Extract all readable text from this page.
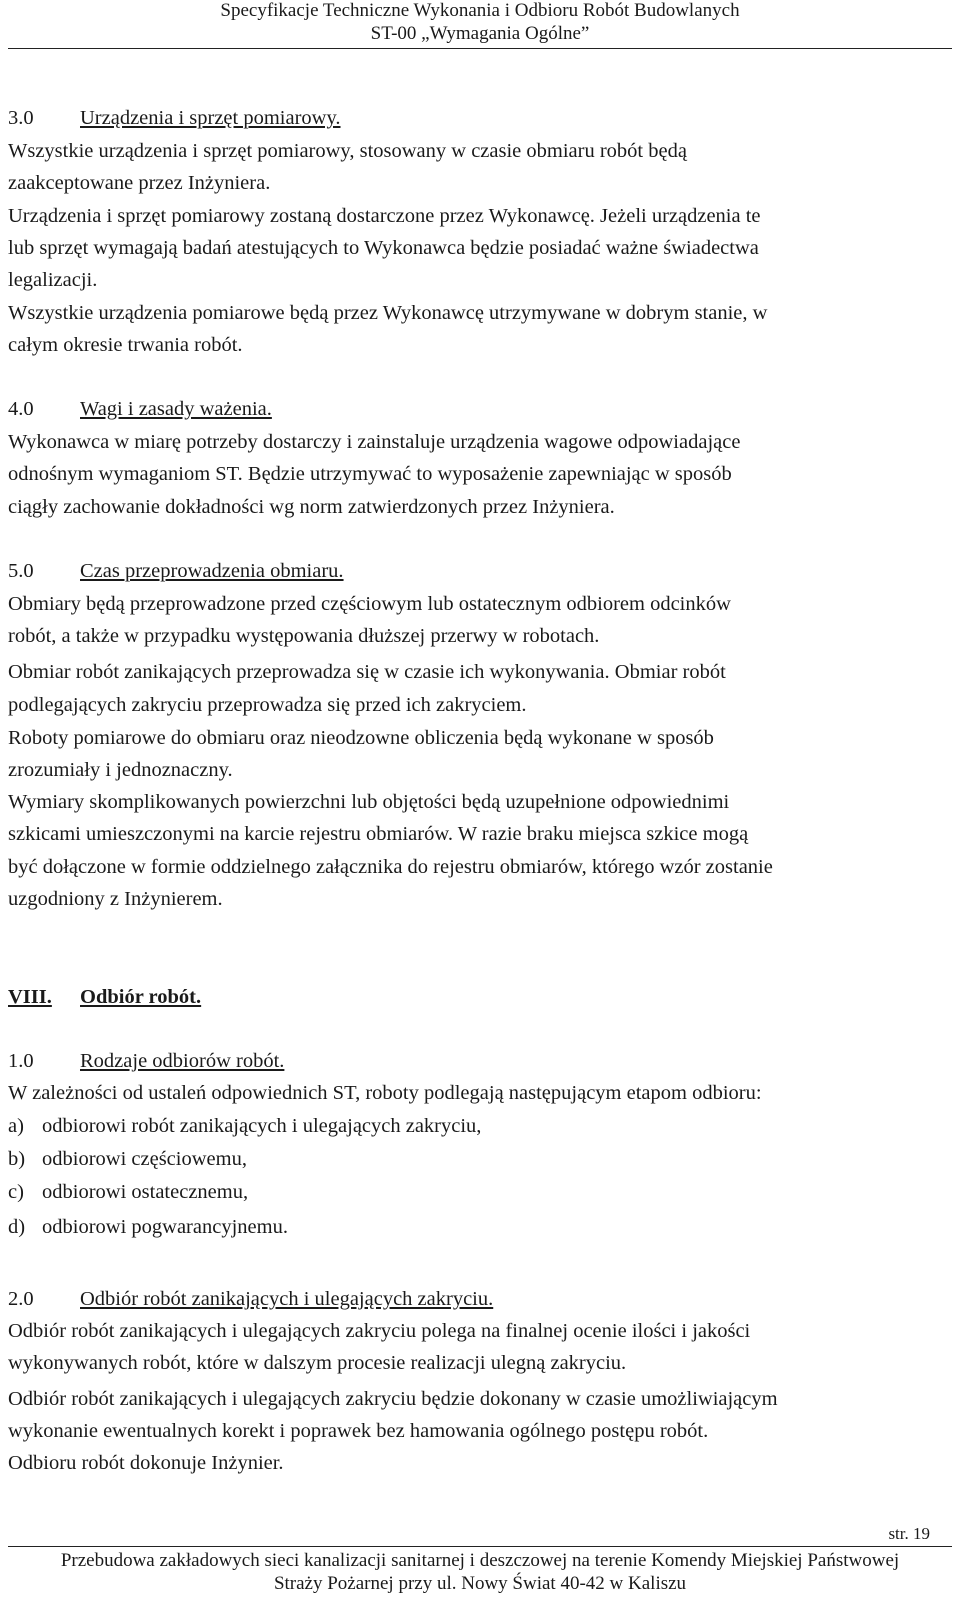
Specyfikacje Techniczne Wykonania i Odbioru Robót Budowlanych
ST-00 „Wymagania Ogólne”
3.0 Urządzenia i sprzęt pomiarowy.
Wszystkie urządzenia i sprzęt pomiarowy, stosowany w czasie obmiaru robót będą
zaakceptowane przez Inżyniera.
Urządzenia i sprzęt pomiarowy zostaną dostarczone przez Wykonawcę. Jeżeli urządzenia te
lub sprzęt wymagają badań atestujących to Wykonawca będzie posiadać ważne świadectwa
legalizacji.
Wszystkie urządzenia pomiarowe będą przez Wykonawcę utrzymywane w dobrym stanie, w
całym okresie trwania robót.
4.0 Wagi i zasady ważenia.
Wykonawca w miarę potrzeby dostarczy i zainstaluje urządzenia wagowe odpowiadające
odnośnym wymaganiom ST. Będzie utrzymywać to wyposażenie zapewniając w sposób
ciągły zachowanie dokładności wg norm zatwierdzonych przez Inżyniera.
5.0 Czas przeprowadzenia obmiaru.
Obmiary będą przeprowadzone przed częściowym lub ostatecznym odbiorem odcinków
robót, a także w przypadku występowania dłuższej przerwy w robotach.
Obmiar robót zanikających przeprowadza się w czasie ich wykonywania. Obmiar robót
podlegających zakryciu przeprowadza się przed ich zakryciem.
Roboty pomiarowe do obmiaru oraz nieodzowne obliczenia będą wykonane w sposób
zrozumiały i jednoznaczny.
Wymiary skomplikowanych powierzchni lub objętości będą uzupełnione odpowiednimi
szkicami umieszczonymi na karcie rejestru obmiarów. W razie braku miejsca szkice mogą
być dołączone w formie oddzielnego załącznika do rejestru obmiarów, którego wzór zostanie
uzgodniony z Inżynierem.
VIII. Odbiór robót.
1.0 Rodzaje odbiorów robót.
W zależności od ustaleń odpowiednich ST, roboty podlegają następującym etapom odbioru:
a) odbiorowi robót zanikających i ulegających zakryciu,
b) odbiorowi częściowemu,
c) odbiorowi ostatecznemu,
d) odbiorowi pogwarancyjnemu.
2.0 Odbiór robót zanikających i ulegających zakryciu.
Odbiór robót zanikających i ulegających zakryciu polega na finalnej ocenie ilości i jakości
wykonywanych robót, które w dalszym procesie realizacji ulegną zakryciu.
Odbiór robót zanikających i ulegających zakryciu będzie dokonany w czasie umożliwiającym
wykonanie ewentualnych korekt i poprawek bez hamowania ogólnego postępu robót.
Odbioru robót dokonuje Inżynier.
str. 19
Przebudowa zakładowych sieci kanalizacji sanitarnej i deszczowej na terenie Komendy Miejskiej Państwowej
Straży Pożarnej przy ul. Nowy Świat 40-42 w Kaliszu
